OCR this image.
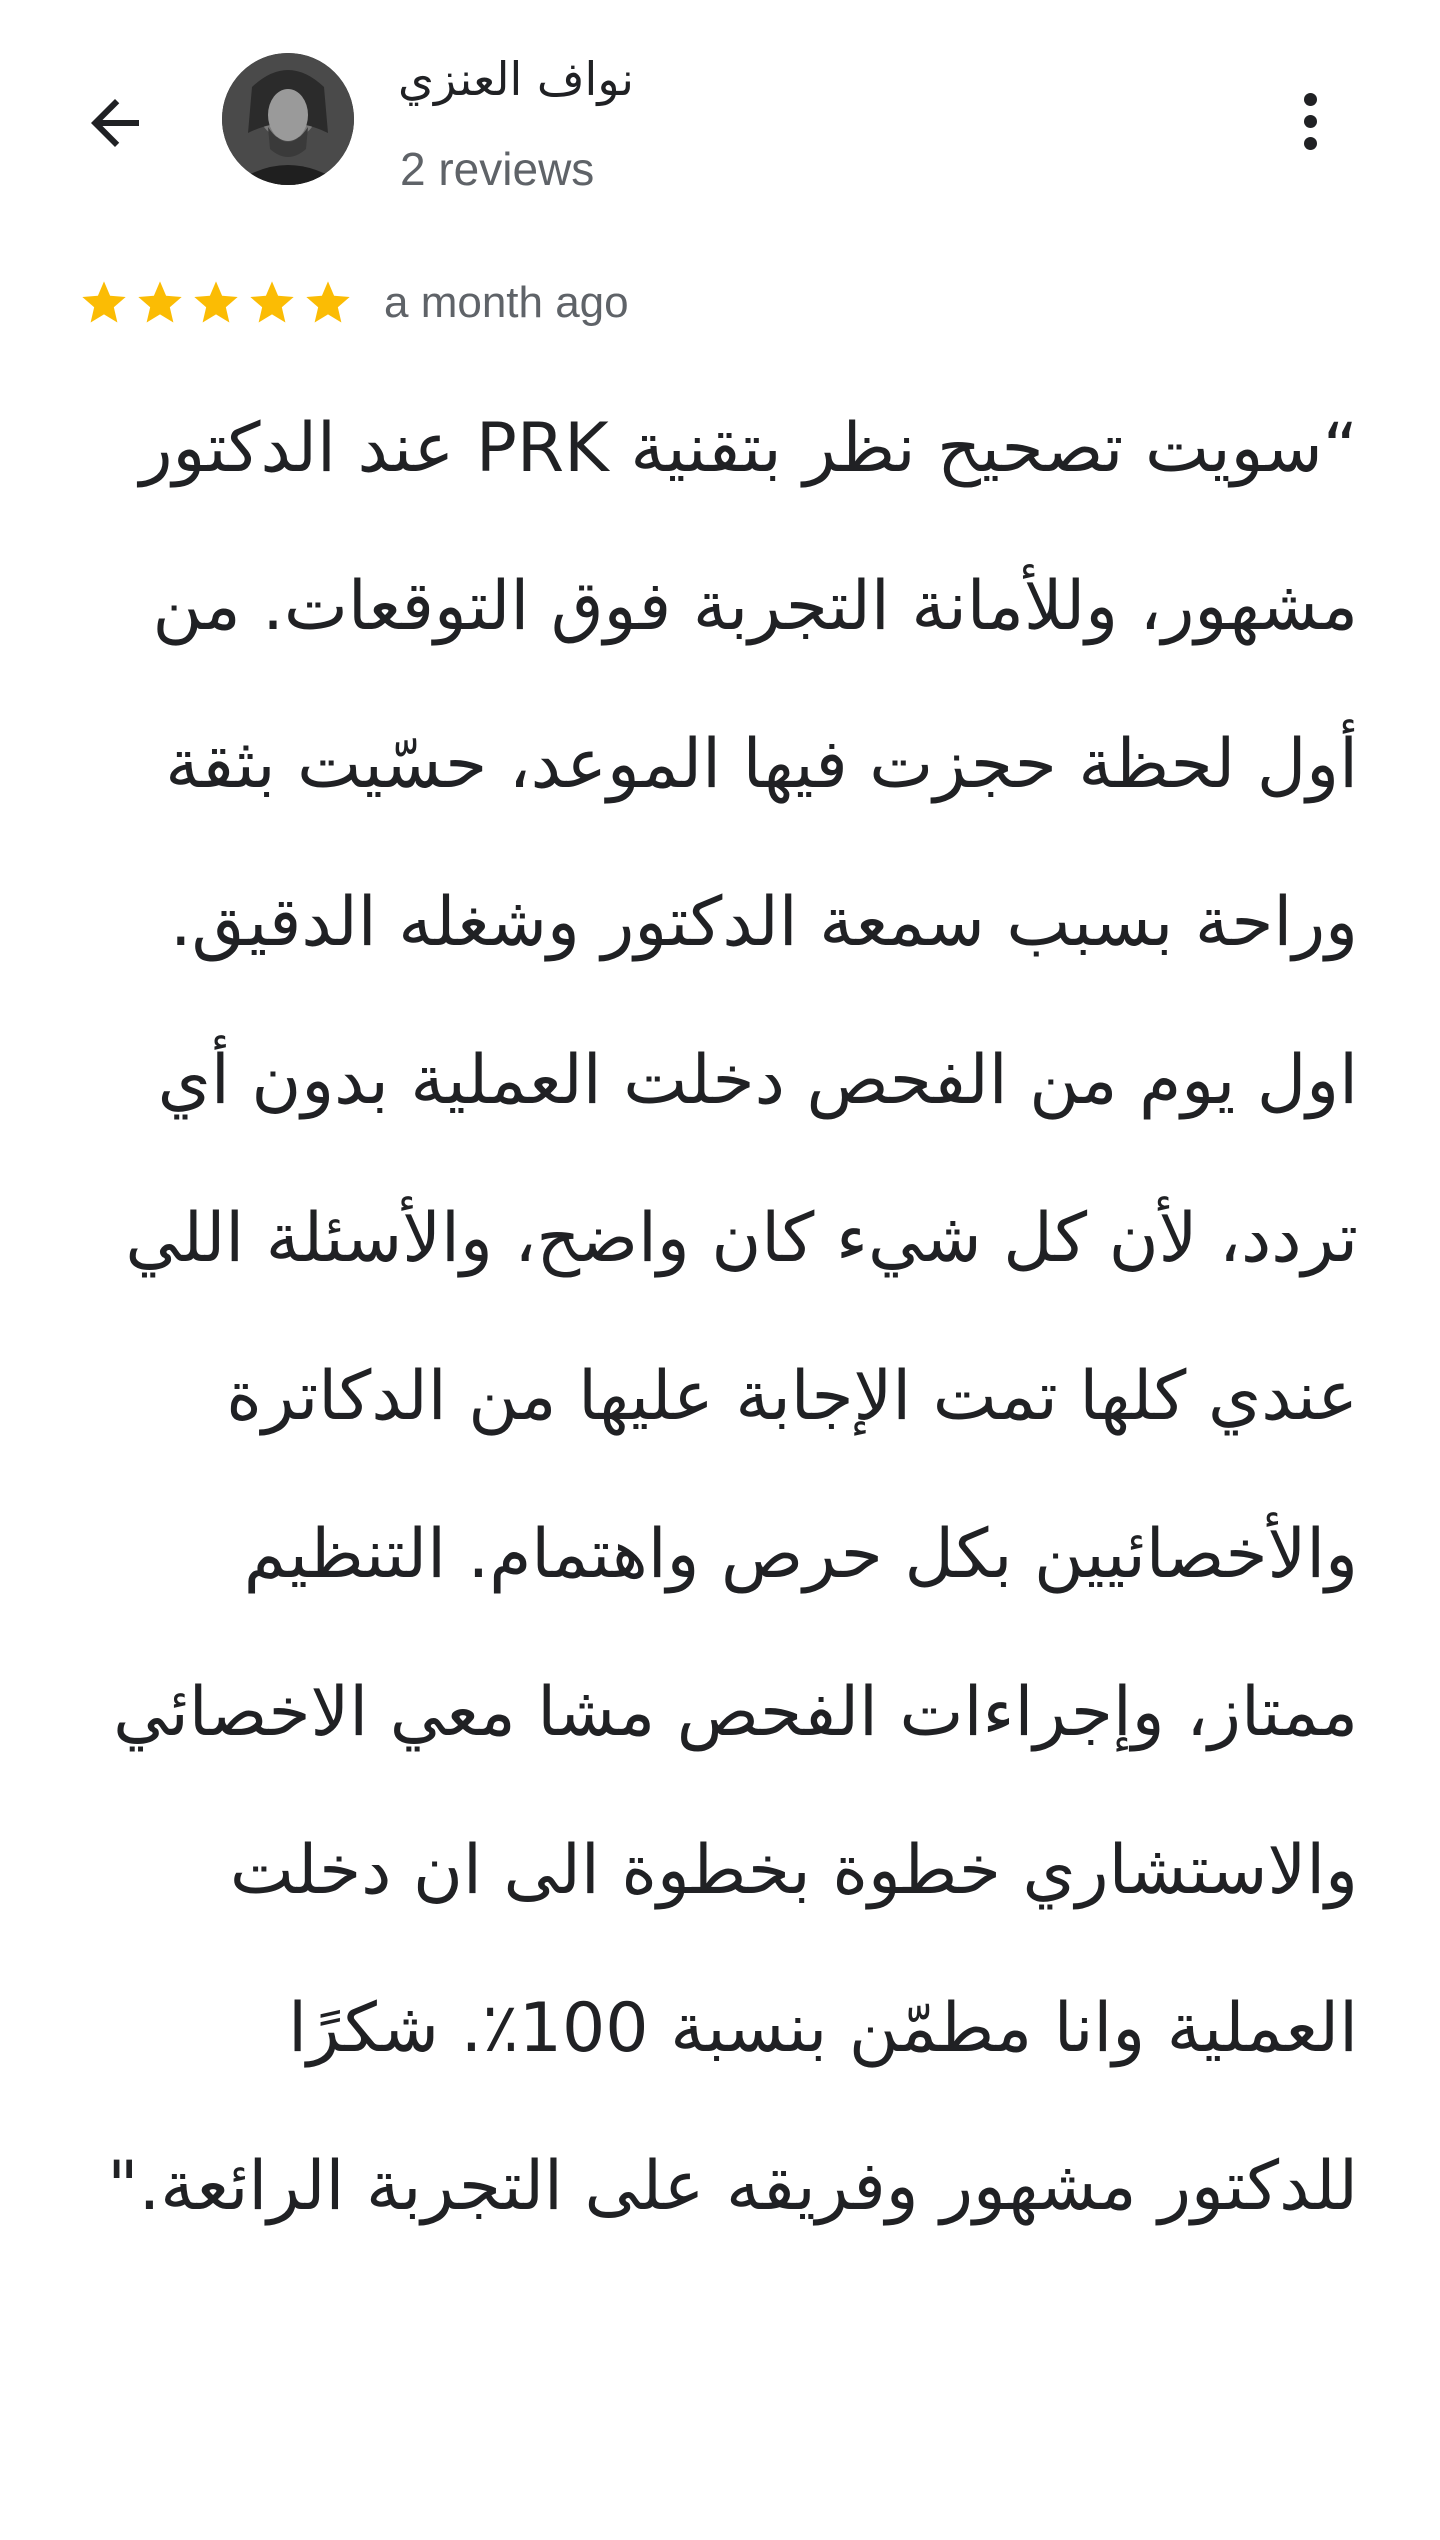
نواف العنزي
2 reviews
a month ago
“سويت تصحيح نظر بتقنية PRK عند الدكتور مشهور، وللأمانة التجربة فوق التوقعات. من أول لحظة حجزت فيها الموعد، حسّيت بثقة وراحة بسبب سمعة الدكتور وشغله الدقيق. اول يوم من الفحص دخلت العملية بدون أي تردد، لأن كل شيء كان واضح، والأسئلة اللي عندي كلها تمت الإجابة عليها من الدكاترة والأخصائيين بكل حرص واهتمام. التنظيم ممتاز، وإجراءات الفحص مشا معي الاخصائي والاستشاري خطوة بخطوة الى ان دخلت العملية وانا مطمّن بنسبة 100٪. شكرًا للدكتور مشهور وفريقه على التجربة الرائعة."
